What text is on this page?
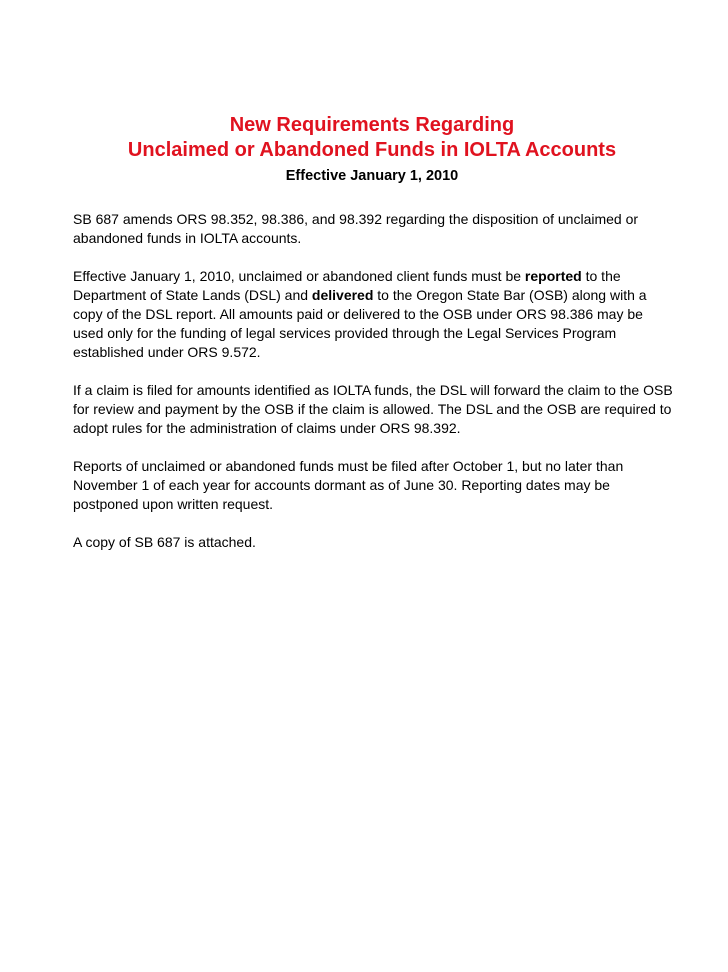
New Requirements Regarding

Unclaimed or Abandoned Funds in IOLTA Accounts

Effective January 1, 2010

SB 687 amends ORS 98.352, 98.386, and 98.392 regarding the disposition of unclaimed or abandoned funds in IOLTA accounts.

Effective January 1, 2010, unclaimed or abandoned client funds must be reported to the Department of State Lands (DSL) and delivered to the Oregon State Bar (OSB) along with a copy of the DSL report. All amounts paid or delivered to the OSB under ORS 98.386 may be used only for the funding of legal services provided through the Legal Services Program established under ORS 9.572.

If a claim is filed for amounts identified as IOLTA funds, the DSL will forward the claim to the OSB for review and payment by the OSB if the claim is allowed. The DSL and the OSB are required to adopt rules for the administration of claims under ORS 98.392.

Reports of unclaimed or abandoned funds must be filed after October 1, but no later than November 1 of each year for accounts dormant as of June 30. Reporting dates may be postponed upon written request.

A copy of SB 687 is attached.
